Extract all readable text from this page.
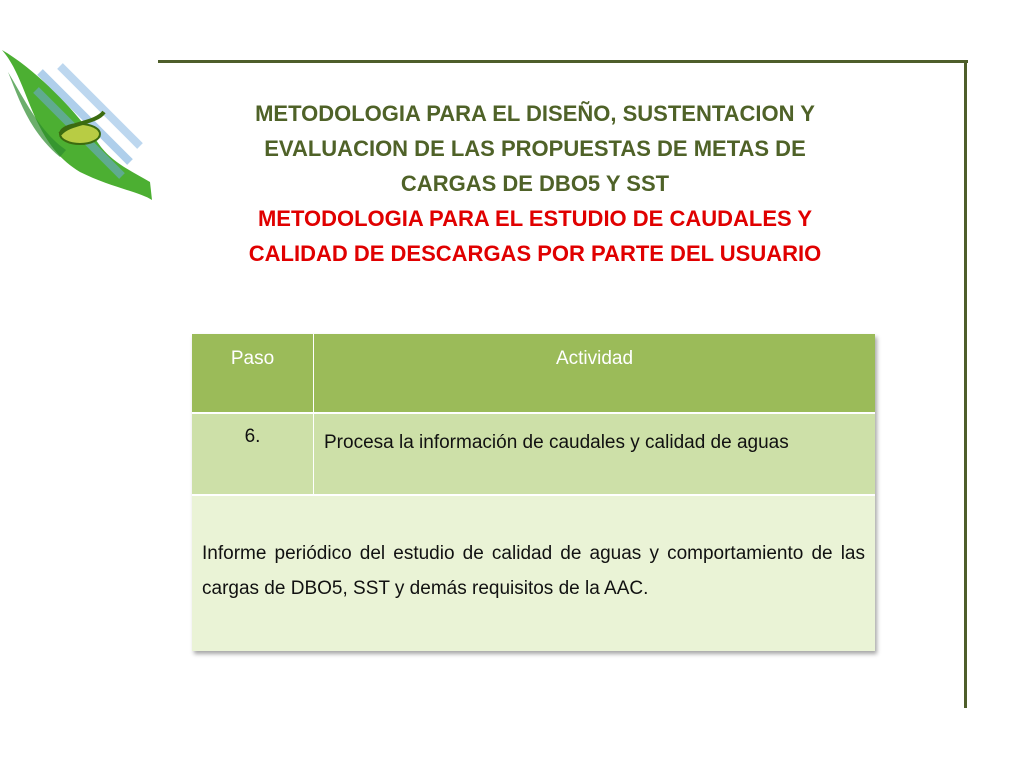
CRA
METODOLOGIA PARA EL DISEÑO, SUSTENTACION Y
EVALUACION DE LAS PROPUESTAS DE METAS DE
CARGAS DE DBO5 Y SST
METODOLOGIA PARA EL ESTUDIO DE CAUDALES Y
CALIDAD DE DESCARGAS POR PARTE DEL USUARIO
Paso	Actividad
6.	Procesa la información de caudales y calidad de aguas
Informe periódico del estudio de calidad de aguas y comportamiento de las cargas de DBO5, SST y demás requisitos de la AAC.
